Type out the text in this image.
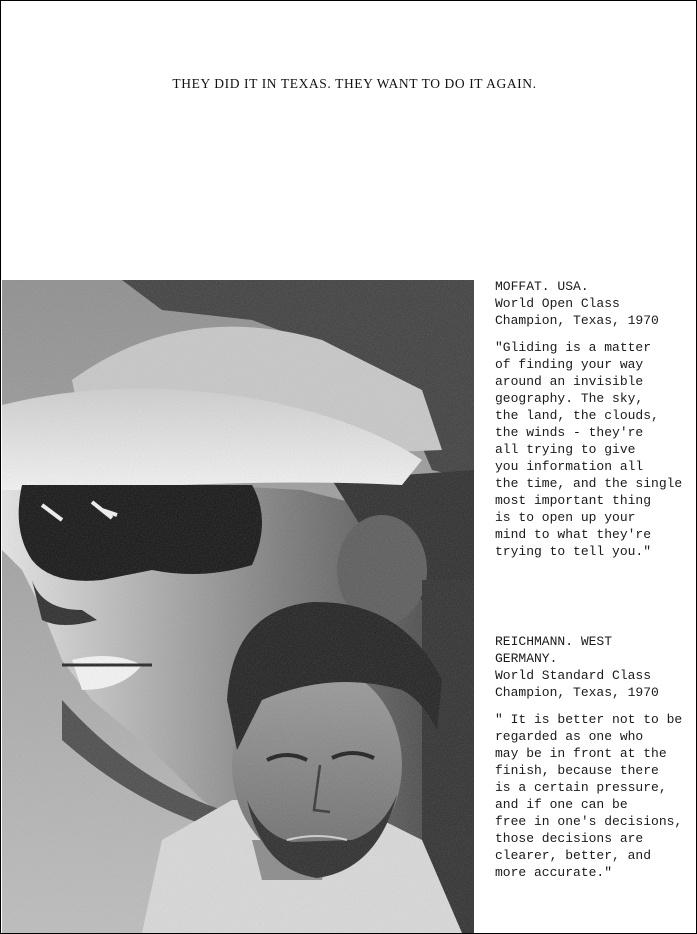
THEY DID IT IN TEXAS. THEY WANT TO DO IT AGAIN.
MOFFAT. USA.
World Open Class
Champion, Texas, 1970
"Gliding is a matter
of finding your way
around an invisible
geography. The sky,
the land, the clouds,
the winds - they're
all trying to give
you information all
the time, and the single
most important thing
is to open up your
mind to what they're
trying to tell you."
REICHMANN. WEST
GERMANY.
World Standard Class
Champion, Texas, 1970
" It is better not to be
regarded as one who
may be in front at the
finish, because there
is a certain pressure,
and if one can be
free in one's decisions,
those decisions are
clearer, better, and
more accurate."
